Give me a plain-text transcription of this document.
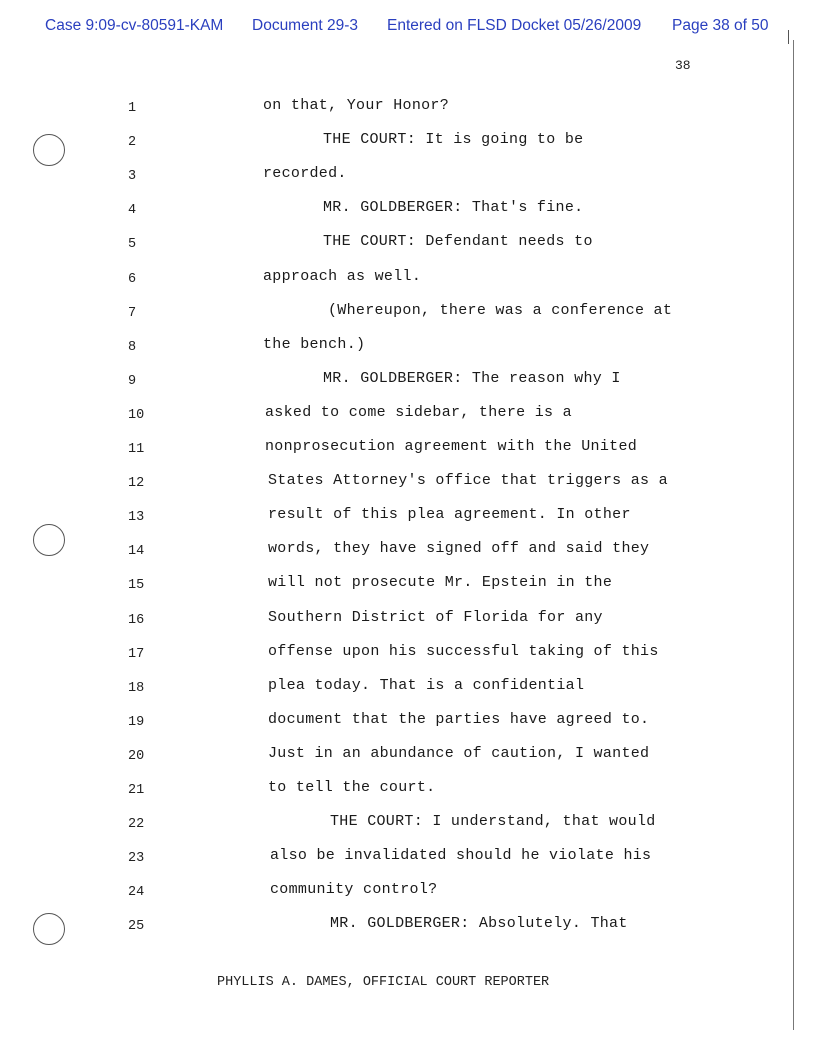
Case 9:09-cv-80591-KAM Document 29-3 Entered on FLSD Docket 05/26/2009 Page 38 of 50
38
1	on that, Your Honor?
2	THE COURT: It is going to be
3	recorded.
4	MR. GOLDBERGER: That's fine.
5	THE COURT: Defendant needs to
6	approach as well.
7	(Whereupon, there was a conference at
8	the bench.)
9	MR. GOLDBERGER: The reason why I
10	asked to come sidebar, there is a
11	nonprosecution agreement with the United
12	States Attorney's office that triggers as a
13	result of this plea agreement. In other
14	words, they have signed off and said they
15	will not prosecute Mr. Epstein in the
16	Southern District of Florida for any
17	offense upon his successful taking of this
18	plea today. That is a confidential
19	document that the parties have agreed to.
20	Just in an abundance of caution, I wanted
21	to tell the court.
22	THE COURT: I understand, that would
23	also be invalidated should he violate his
24	community control?
25	MR. GOLDBERGER: Absolutely. That
PHYLLIS A. DAMES, OFFICIAL COURT REPORTER
